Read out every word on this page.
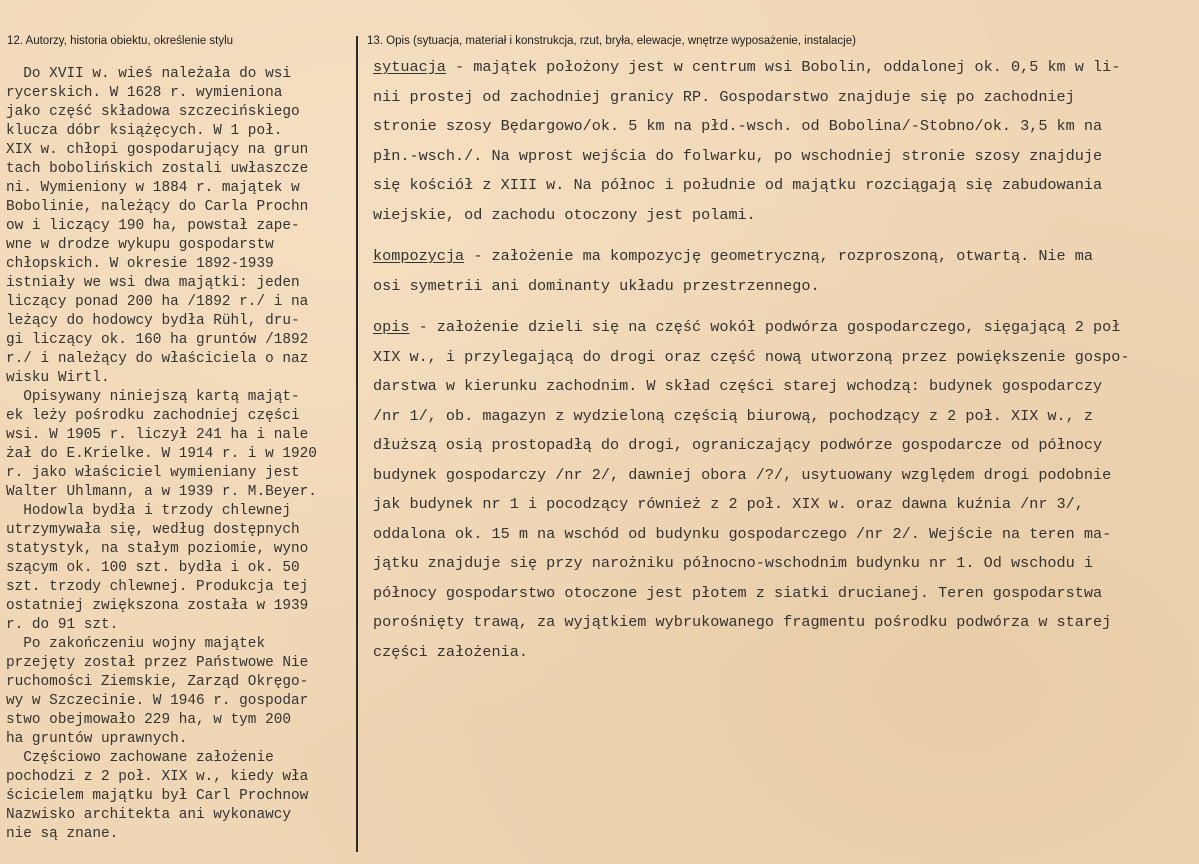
12. Autorzy, historia obiektu, określenie stylu	13. Opis (sytuacja, materiał i konstrukcja, rzut, bryła, elewacje, wnętrze wyposażenie, instalacje)
Do XVII w. wieś należała do wsi
rycerskich. W 1628 r. wymieniona
jako część składowa szczecińskiego
klucza dóbr książęcych. W 1 poł.
XIX w. chłopi gospodarujący na grun
tach bobolińskich zostali uwłaszcze
ni. Wymieniony w 1884 r. majątek w
Bobolinie, należący do Carla Prochn
ow i liczący 190 ha, powstał zape-
wne w drodze wykupu gospodarstw
chłopskich. W okresie 1892-1939
istniały we wsi dwa majątki: jeden
liczący ponad 200 ha /1892 r./ i na
leżący do hodowcy bydła Rühl, dru-
gi liczący ok. 160 ha gruntów /1892
r./ i należący do właściciela o naz
wisku Wirtl.
Opisywany niniejszą kartą mająt-
ek leży pośrodku zachodniej części
wsi. W 1905 r. liczył 241 ha i nale
żał do E.Krielke. W 1914 r. i w 1920
r. jako właściciel wymieniany jest
Walter Uhlmann, a w 1939 r. M.Beyer.
Hodowla bydła i trzody chlewnej
utrzymywała się, według dostępnych
statystyk, na stałym poziomie, wyno
szącym ok. 100 szt. bydła i ok. 50
szt. trzody chlewnej. Produkcja tej
ostatniej zwiększona została w 1939
r. do 91 szt.
Po zakończeniu wojny majątek
przejęty został przez Państwowe Nie
ruchomości Ziemskie, Zarząd Okręgo-
wy w Szczecinie. W 1946 r. gospodar
stwo obejmowało 229 ha, w tym 200
ha gruntów uprawnych.
Częściowo zachowane założenie
pochodzi z 2 poł. XIX w., kiedy wła
ścicielem majątku był Carl Prochnow
Nazwisko architekta ani wykonawcy
nie są znane.
sytuacja - majątek położony jest w centrum wsi Bobolin, oddalonej ok. 0,5 km w li-
nii prostej od zachodniej granicy RP. Gospodarstwo znajduje się po zachodniej
stronie szosy Będargowo/ok. 5 km na płd.-wsch. od Bobolina/-Stobno/ok. 3,5 km na
płn.-wsch./. Na wprost wejścia do folwarku, po wschodniej stronie szosy znajduje
się kościół z XIII w. Na północ i południe od majątku rozciągają się zabudowania
wiejskie, od zachodu otoczony jest polami.
kompozycja - założenie ma kompozycję geometryczną, rozproszoną, otwartą. Nie ma
osi symetrii ani dominanty układu przestrzennego.
opis - założenie dzieli się na część wokół podwórza gospodarczego, sięgającą 2 poł
XIX w., i przylegającą do drogi oraz część nową utworzoną przez powiększenie gospo-
darstwa w kierunku zachodnim. W skład części starej wchodzą: budynek gospodarczy
/nr 1/, ob. magazyn z wydzieloną częścią biurową, pochodzący z 2 poł. XIX w., z
dłuższą osią prostopadłą do drogi, ograniczający podwórze gospodarcze od północy
budynek gospodarczy /nr 2/, dawniej obora /?/, usytuowany względem drogi podobnie
jak budynek nr 1 i pocodzący również z 2 poł. XIX w. oraz dawna kuźnia /nr 3/,
oddalona ok. 15 m na wschód od budynku gospodarczego /nr 2/. Wejście na teren ma-
jątku znajduje się przy narożniku północno-wschodnim budynku nr 1. Od wschodu i
północy gospodarstwo otoczone jest płotem z siatki drucianej. Teren gospodarstwa
porośnięty trawą, za wyjątkiem wybrukowanego fragmentu pośrodku podwórza w starej
części założenia.
